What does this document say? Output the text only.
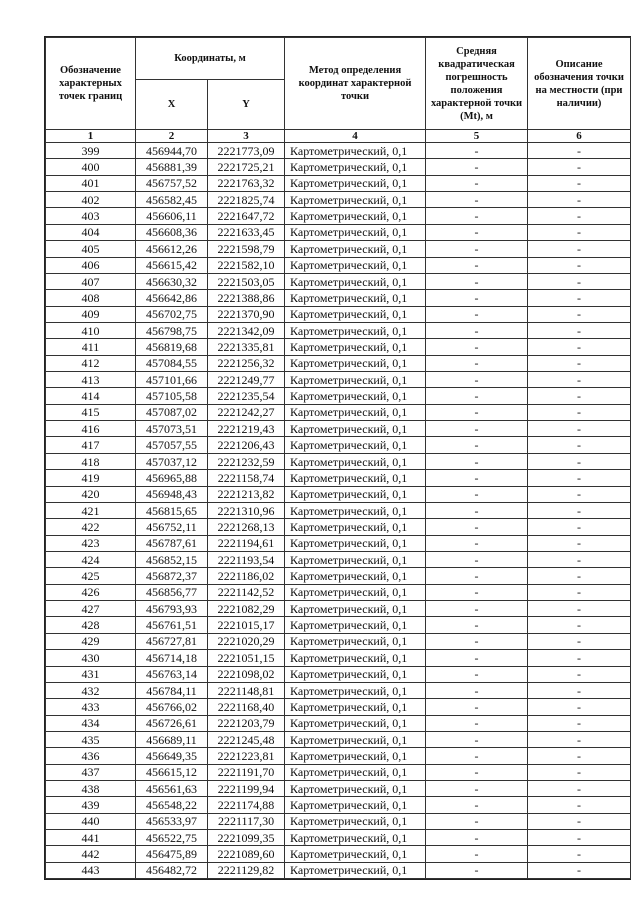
Обозначение характерных точек границ	Координаты, м		Метод определения координат характерной точки	Средняя квадратическая погрешность положения характерной точки (Mt), м	Описание обозначения точки на местности (при наличии)
	X	Y			
1	2	3	4	5	6
399	456944,70	2221773,09	Картометрический, 0,1	-	-
400	456881,39	2221725,21	Картометрический, 0,1	-	-
401	456757,52	2221763,32	Картометрический, 0,1	-	-
402	456582,45	2221825,74	Картометрический, 0,1	-	-
403	456606,11	2221647,72	Картометрический, 0,1	-	-
404	456608,36	2221633,45	Картометрический, 0,1	-	-
405	456612,26	2221598,79	Картометрический, 0,1	-	-
406	456615,42	2221582,10	Картометрический, 0,1	-	-
407	456630,32	2221503,05	Картометрический, 0,1	-	-
408	456642,86	2221388,86	Картометрический, 0,1	-	-
409	456702,75	2221370,90	Картометрический, 0,1	-	-
410	456798,75	2221342,09	Картометрический, 0,1	-	-
411	456819,68	2221335,81	Картометрический, 0,1	-	-
412	457084,55	2221256,32	Картометрический, 0,1	-	-
413	457101,66	2221249,77	Картометрический, 0,1	-	-
414	457105,58	2221235,54	Картометрический, 0,1	-	-
415	457087,02	2221242,27	Картометрический, 0,1	-	-
416	457073,51	2221219,43	Картометрический, 0,1	-	-
417	457057,55	2221206,43	Картометрический, 0,1	-	-
418	457037,12	2221232,59	Картометрический, 0,1	-	-
419	456965,88	2221158,74	Картометрический, 0,1	-	-
420	456948,43	2221213,82	Картометрический, 0,1	-	-
421	456815,65	2221310,96	Картометрический, 0,1	-	-
422	456752,11	2221268,13	Картометрический, 0,1	-	-
423	456787,61	2221194,61	Картометрический, 0,1	-	-
424	456852,15	2221193,54	Картометрический, 0,1	-	-
425	456872,37	2221186,02	Картометрический, 0,1	-	-
426	456856,77	2221142,52	Картометрический, 0,1	-	-
427	456793,93	2221082,29	Картометрический, 0,1	-	-
428	456761,51	2221015,17	Картометрический, 0,1	-	-
429	456727,81	2221020,29	Картометрический, 0,1	-	-
430	456714,18	2221051,15	Картометрический, 0,1	-	-
431	456763,14	2221098,02	Картометрический, 0,1	-	-
432	456784,11	2221148,81	Картометрический, 0,1	-	-
433	456766,02	2221168,40	Картометрический, 0,1	-	-
434	456726,61	2221203,79	Картометрический, 0,1	-	-
435	456689,11	2221245,48	Картометрический, 0,1	-	-
436	456649,35	2221223,81	Картометрический, 0,1	-	-
437	456615,12	2221191,70	Картометрический, 0,1	-	-
438	456561,63	2221199,94	Картометрический, 0,1	-	-
439	456548,22	2221174,88	Картометрический, 0,1	-	-
440	456533,97	2221117,30	Картометрический, 0,1	-	-
441	456522,75	2221099,35	Картометрический, 0,1	-	-
442	456475,89	2221089,60	Картометрический, 0,1	-	-
443	456482,72	2221129,82	Картометрический, 0,1	-	-
